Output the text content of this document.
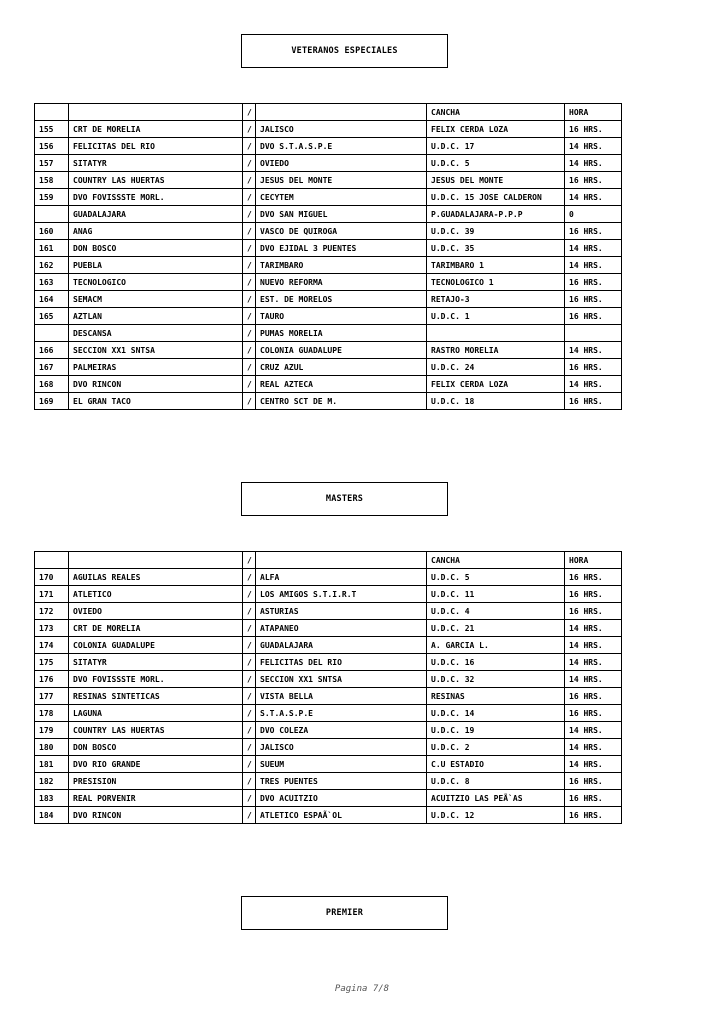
VETERANOS ESPECIALES
		/		CANCHA	HORA
155	CRT DE MORELIA	/	JALISCO	FELIX CERDA LOZA	16 HRS.
156	FELICITAS DEL RIO	/	DVO S.T.A.S.P.E	U.D.C. 17	14 HRS.
157	SITATYR	/	OVIEDO	U.D.C. 5	14 HRS.
158	COUNTRY LAS HUERTAS	/	JESUS DEL MONTE	JESUS DEL MONTE	16 HRS.
159	DVO FOVISSSTE MORL.	/	CECYTEM	U.D.C. 15 JOSE CALDERON	14 HRS.
	GUADALAJARA	/	DVO SAN MIGUEL	P.GUADALAJARA-P.P.P	0
160	ANAG	/	VASCO DE QUIROGA	U.D.C. 39	16 HRS.
161	DON BOSCO	/	DVO EJIDAL 3 PUENTES	U.D.C. 35	14 HRS.
162	PUEBLA	/	TARIMBARO	TARIMBARO 1	14 HRS.
163	TECNOLOGICO	/	NUEVO REFORMA	TECNOLOGICO 1	16 HRS.
164	SEMACM	/	EST. DE MORELOS	RETAJO-3	16 HRS.
165	AZTLAN	/	TAURO	U.D.C. 1	16 HRS.
	DESCANSA	/	PUMAS MORELIA		
166	SECCION XX1 SNTSA	/	COLONIA GUADALUPE	RASTRO MORELIA	14 HRS.
167	PALMEIRAS	/	CRUZ AZUL	U.D.C. 24	16 HRS.
168	DVO RINCON	/	REAL AZTECA	FELIX CERDA LOZA	14 HRS.
169	EL GRAN TACO	/	CENTRO SCT DE M.	U.D.C. 18	16 HRS.
MASTERS
		/		CANCHA	HORA
170	AGUILAS REALES	/	ALFA	U.D.C. 5	16 HRS.
171	ATLETICO	/	LOS AMIGOS S.T.I.R.T	U.D.C. 11	16 HRS.
172	OVIEDO	/	ASTURIAS	U.D.C. 4	16 HRS.
173	CRT DE MORELIA	/	ATAPANEO	U.D.C. 21	14 HRS.
174	COLONIA GUADALUPE	/	GUADALAJARA	A. GARCIA L.	14 HRS.
175	SITATYR	/	FELICITAS DEL RIO	U.D.C. 16	14 HRS.
176	DVO FOVISSSTE MORL.	/	SECCION XX1 SNTSA	U.D.C. 32	14 HRS.
177	RESINAS SINTETICAS	/	VISTA BELLA	RESINAS	16 HRS.
178	LAGUNA	/	S.T.A.S.P.E	U.D.C. 14	16 HRS.
179	COUNTRY LAS HUERTAS	/	DVO COLEZA	U.D.C. 19	14 HRS.
180	DON BOSCO	/	JALISCO	U.D.C. 2	14 HRS.
181	DVO RIO GRANDE	/	SUEUM	C.U ESTADIO	14 HRS.
182	PRESISION	/	TRES PUENTES	U.D.C. 8	16 HRS.
183	REAL PORVENIR	/	DVO ACUITZIO	ACUITZIO LAS PEÃ`AS	16 HRS.
184	DVO RINCON	/	ATLETICO ESPAÃ`OL	U.D.C. 12	16 HRS.
PREMIER
Pagina 7/8
